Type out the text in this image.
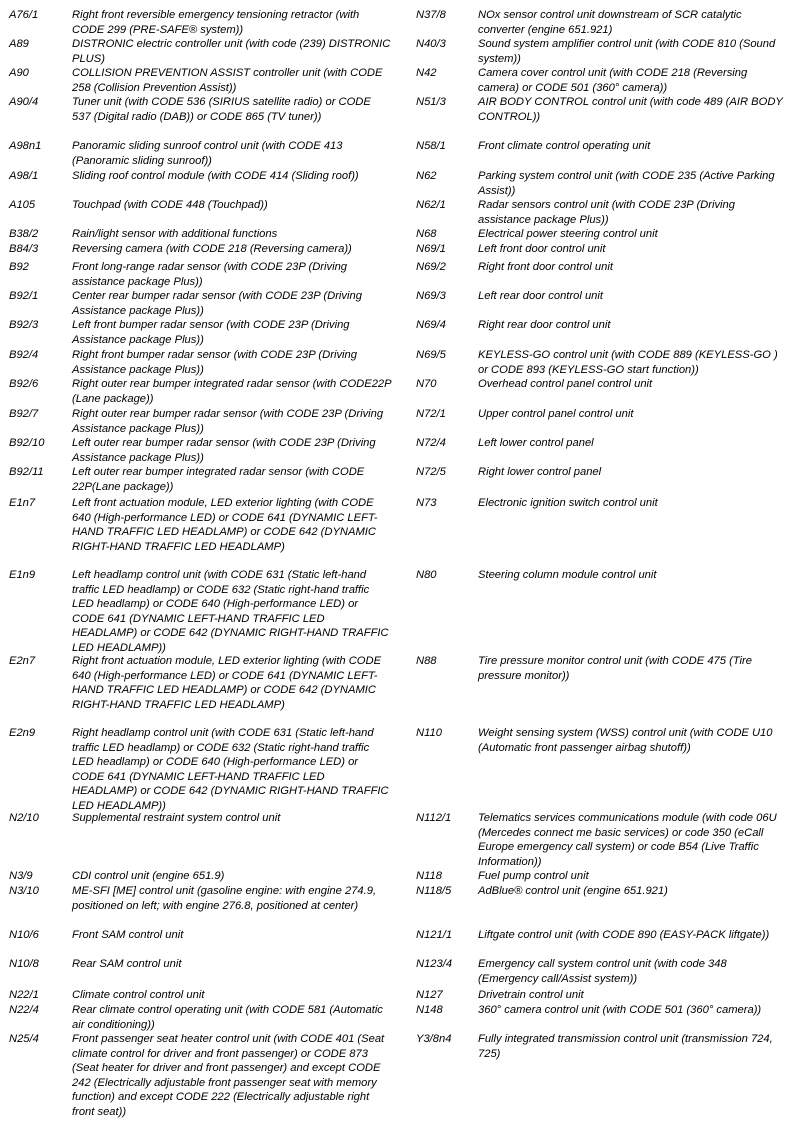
A76/1	Right front reversible emergency tensioning retractor (with CODE 299 (PRE-SAFE® system))
A89	DISTRONIC electric controller unit (with code (239) DISTRONIC PLUS)
A90	COLLISION PREVENTION ASSIST controller unit (with CODE 258 (Collision Prevention Assist))
A90/4	Tuner unit (with CODE 536 (SIRIUS satellite radio) or CODE 537 (Digital radio (DAB)) or CODE 865 (TV tuner))
A98n1	Panoramic sliding sunroof control unit (with CODE 413 (Panoramic sliding sunroof))
A98/1	Sliding roof control module (with CODE 414 (Sliding roof))
A105	Touchpad (with CODE 448 (Touchpad))
B38/2	Rain/light sensor with additional functions
B84/3	Reversing camera (with CODE 218 (Reversing camera))
B92	Front long-range radar sensor (with CODE 23P (Driving assistance package Plus))
B92/1	Center rear bumper radar sensor (with CODE 23P (Driving Assistance package Plus))
B92/3	Left front bumper radar sensor (with CODE 23P (Driving Assistance package Plus))
B92/4	Right front bumper radar sensor (with CODE 23P (Driving Assistance package Plus))
B92/6	Right outer rear bumper integrated radar sensor (with CODE22P (Lane package))
B92/7	Right outer rear bumper radar sensor (with CODE 23P (Driving Assistance package Plus))
B92/10	Left outer rear bumper radar sensor (with CODE 23P (Driving Assistance package Plus))
B92/11	Left outer rear bumper integrated radar sensor (with CODE 22P(Lane package))
E1n7	Left front actuation module, LED exterior lighting (with CODE 640 (High-performance LED) or CODE 641 (DYNAMIC LEFT-HAND TRAFFIC LED HEADLAMP) or CODE 642 (DYNAMIC RIGHT-HAND TRAFFIC LED HEADLAMP)
E1n9	Left headlamp control unit (with CODE 631 (Static left-hand traffic LED headlamp) or CODE 632 (Static right-hand traffic LED headlamp) or CODE 640 (High-performance LED) or CODE 641 (DYNAMIC LEFT-HAND TRAFFIC LED HEADLAMP) or CODE 642 (DYNAMIC RIGHT-HAND TRAFFIC LED HEADLAMP))
E2n7	Right front actuation module, LED exterior lighting (with CODE 640 (High-performance LED) or CODE 641 (DYNAMIC LEFT-HAND TRAFFIC LED HEADLAMP) or CODE 642 (DYNAMIC RIGHT-HAND TRAFFIC LED HEADLAMP)
E2n9	Right headlamp control unit (with CODE 631 (Static left-hand traffic LED headlamp) or CODE 632 (Static right-hand traffic LED headlamp) or CODE 640 (High-performance LED) or CODE 641 (DYNAMIC LEFT-HAND TRAFFIC LED HEADLAMP) or CODE 642 (DYNAMIC RIGHT-HAND TRAFFIC LED HEADLAMP))
N2/10	Supplemental restraint system control unit
N3/9	CDI control unit (engine 651.9)
N3/10	ME-SFI [ME] control unit (gasoline engine: with engine 274.9, positioned on left; with engine 276.8, positioned at center)
N10/6	Front SAM control unit
N10/8	Rear SAM control unit
N22/1	Climate control control unit
N22/4	Rear climate control operating unit (with CODE 581 (Automatic air conditioning))
N25/4	Front passenger seat heater control unit (with CODE 401 (Seat climate control for driver and front passenger) or CODE 873 (Seat heater for driver and front passenger) and except CODE 242 (Electrically adjustable front passenger seat with memory function) and except CODE 222 (Electrically adjustable right front seat))
N37/8	NOx sensor control unit downstream of SCR catalytic converter (engine 651.921)
N40/3	Sound system amplifier control unit (with CODE 810 (Sound system))
N42	Camera cover control unit (with CODE 218 (Reversing camera) or CODE 501 (360° camera))
N51/3	AIR BODY CONTROL control unit (with code 489 (AIR BODY CONTROL))
N58/1	Front climate control operating unit
N62	Parking system control unit (with CODE 235 (Active Parking Assist))
N62/1	Radar sensors control unit (with CODE 23P (Driving assistance package Plus))
N68	Electrical power steering control unit
N69/1	Left front door control unit
N69/2	Right front door control unit
N69/3	Left rear door control unit
N69/4	Right rear door control unit
N69/5	KEYLESS-GO control unit (with CODE 889 (KEYLESS-GO ) or CODE 893 (KEYLESS-GO start function))
N70	Overhead control panel control unit
N72/1	Upper control panel control unit
N72/4	Left lower control panel
N72/5	Right lower control panel
N73	Electronic ignition switch control unit
N80	Steering column module control unit
N88	Tire pressure monitor control unit (with CODE 475 (Tire pressure monitor))
N110	Weight sensing system (WSS) control unit (with CODE U10 (Automatic front passenger airbag shutoff))
N112/1	Telematics services communications module (with code 06U (Mercedes connect me basic services) or code 350 (eCall Europe emergency call system) or code B54 (Live Traffic Information))
N118	Fuel pump control unit
N118/5	AdBlue® control unit (engine 651.921)
N121/1	Liftgate control unit (with CODE 890 (EASY-PACK liftgate))
N123/4	Emergency call system control unit (with code 348 (Emergency call/Assist system))
N127	Drivetrain control unit
N148	360° camera control unit (with CODE 501 (360° camera))
Y3/8n4	Fully integrated transmission control unit (transmission 724, 725)
